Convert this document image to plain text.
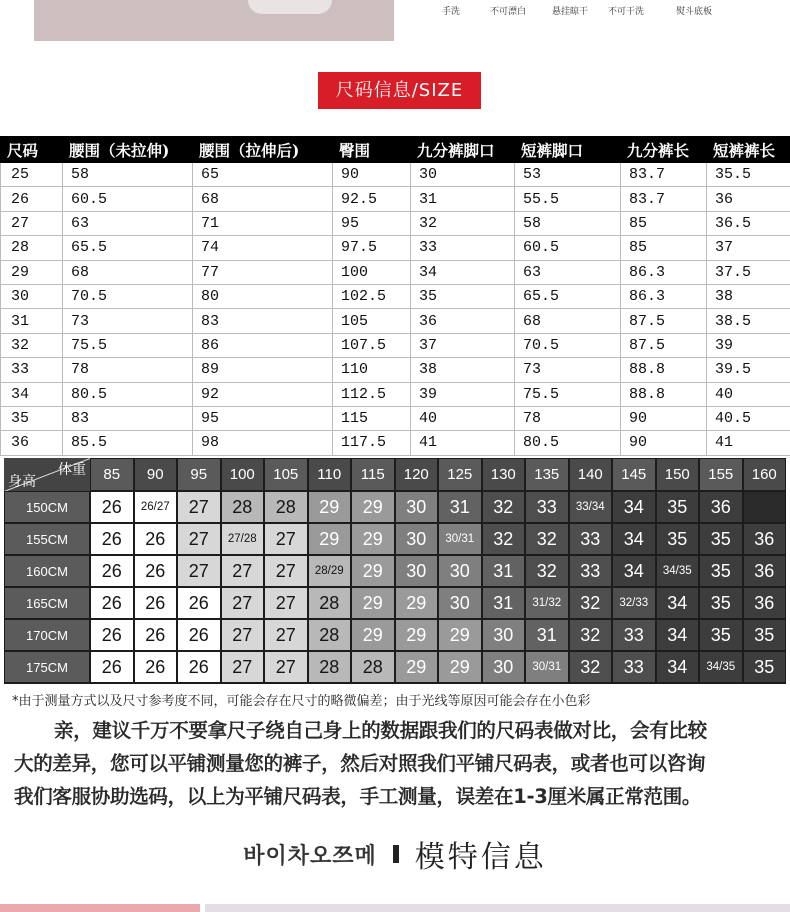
手洗	不可漂白	悬挂晾干 不可干洗	熨斗底板
尺码信息/SIZE
尺码	腰围（未拉伸)	腰围（拉伸后)	臀围	九分裤脚口	短裤脚口	九分裤长	短裤裤长
25	58	65	90	30	53	83.7	35.5
26	60.5	68	92.5	31	55.5	83.7	36
27	63	71	95	32	58	85	36.5
28	65.5	74	97.5	33	60.5	85	37
29	68	77	100	34	63	86.3	37.5
30	70.5	80	102.5	35	65.5	86.3	38
31	73	83	105	36	68	87.5	38.5
32	75.5	86	107.5	37	70.5	87.5	39
33	78	89	110	38	73	88.8	39.5
34	80.5	92	112.5	39	75.5	88.8	40
35	83	95	115	40	78	90	40.5
36	85.5	98	117.5	41	80.5	90	41
体重
身高	85	90	95	100	105	110	115	120	125	130	135	140	145	150	155	160
150CM	26	26/27	27	28	28	29	29	30	31	32	33	33/34	34	35	36
155CM	26	26	27	27/28	27	29	29	30	30/31	32	32	33	34	35	35	36
160CM	26	26	27	27	27	28/29	29	30	30	31	32	33	34	34/35	35	36
165CM	26	26	26	27	27	28	29	29	30	31	31/32	32	32/33	34	35	36
170CM	26	26	26	27	27	28	29	29	29	30	31	32	33	34	35	35
175CM	26	26	26	27	27	28	28	29	29	30	30/31	32	33	34	34/35	35
*由于测量方式以及尺寸参考度不同，可能会存在尺寸的略微偏差；由于光线等原因可能会存在小色彩
亲，建议千万不要拿尺子绕自己身上的数据跟我们的尺码表做对比，会有比较
大的差异，您可以平铺测量您的裤子，然后对照我们平铺尺码表，或者也可以咨询
我们客服协助选码，以上为平铺尺码表，手工测量，误差在1-3厘米属正常范围。
바이차오쯔메 模特信息
